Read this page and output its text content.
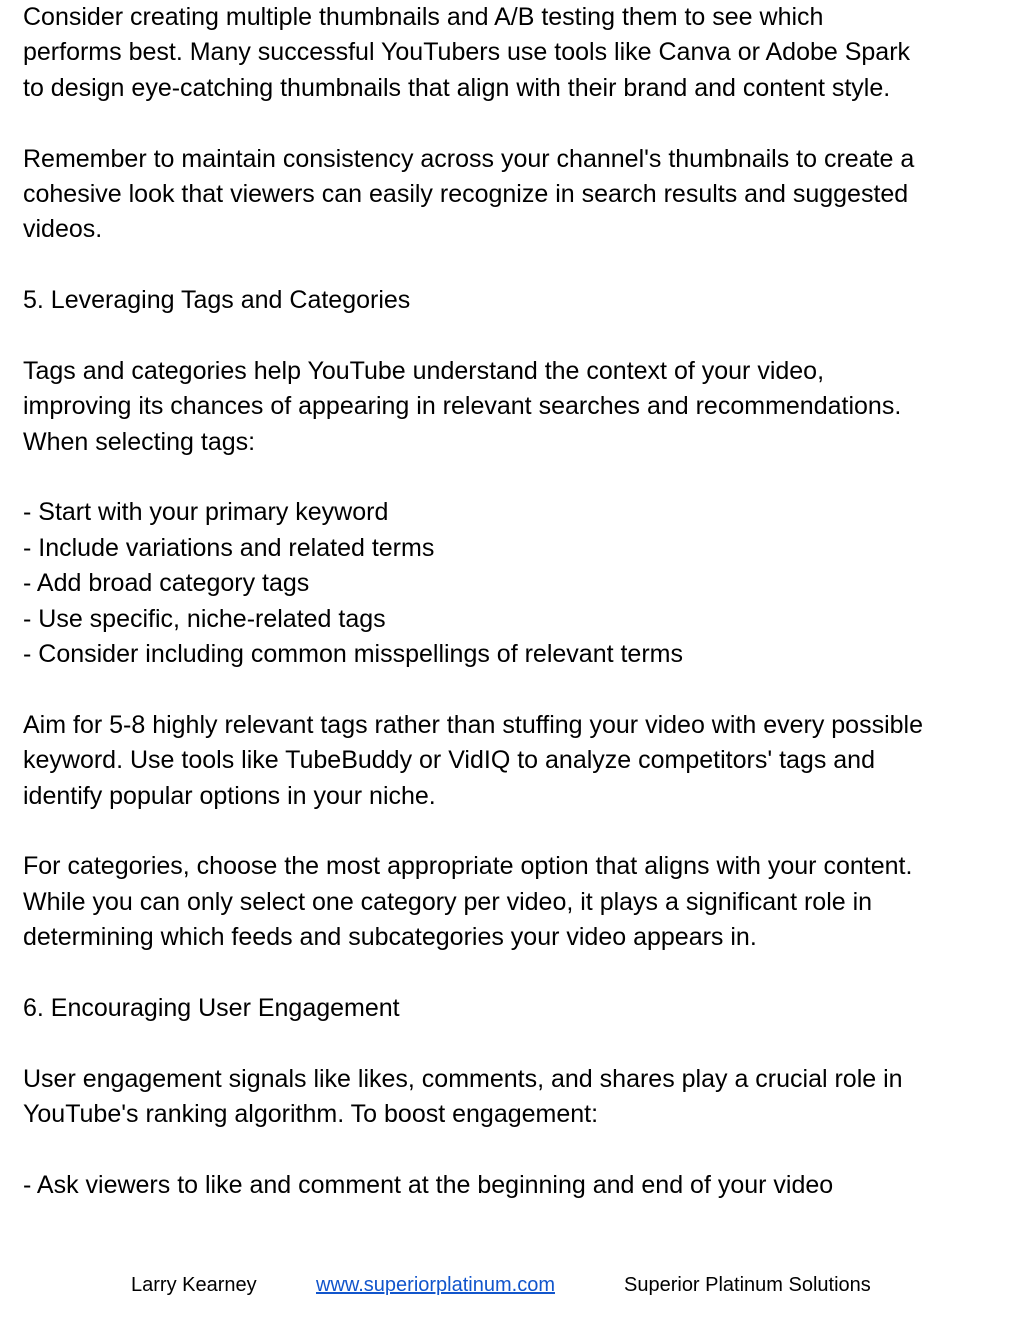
Consider creating multiple thumbnails and A/B testing them to see which
performs best. Many successful YouTubers use tools like Canva or Adobe Spark
to design eye-catching thumbnails that align with their brand and content style.
Remember to maintain consistency across your channel's thumbnails to create a
cohesive look that viewers can easily recognize in search results and suggested
videos.
5. Leveraging Tags and Categories
Tags and categories help YouTube understand the context of your video,
improving its chances of appearing in relevant searches and recommendations.
When selecting tags:
- Start with your primary keyword
- Include variations and related terms
- Add broad category tags
- Use specific, niche-related tags
- Consider including common misspellings of relevant terms
Aim for 5-8 highly relevant tags rather than stuffing your video with every possible
keyword. Use tools like TubeBuddy or VidIQ to analyze competitors' tags and
identify popular options in your niche.
For categories, choose the most appropriate option that aligns with your content.
While you can only select one category per video, it plays a significant role in
determining which feeds and subcategories your video appears in.
6. Encouraging User Engagement
User engagement signals like likes, comments, and shares play a crucial role in
YouTube's ranking algorithm. To boost engagement:
- Ask viewers to like and comment at the beginning and end of your video
Larry Kearney	www.superiorplatinum.com	Superior Platinum Solutions
